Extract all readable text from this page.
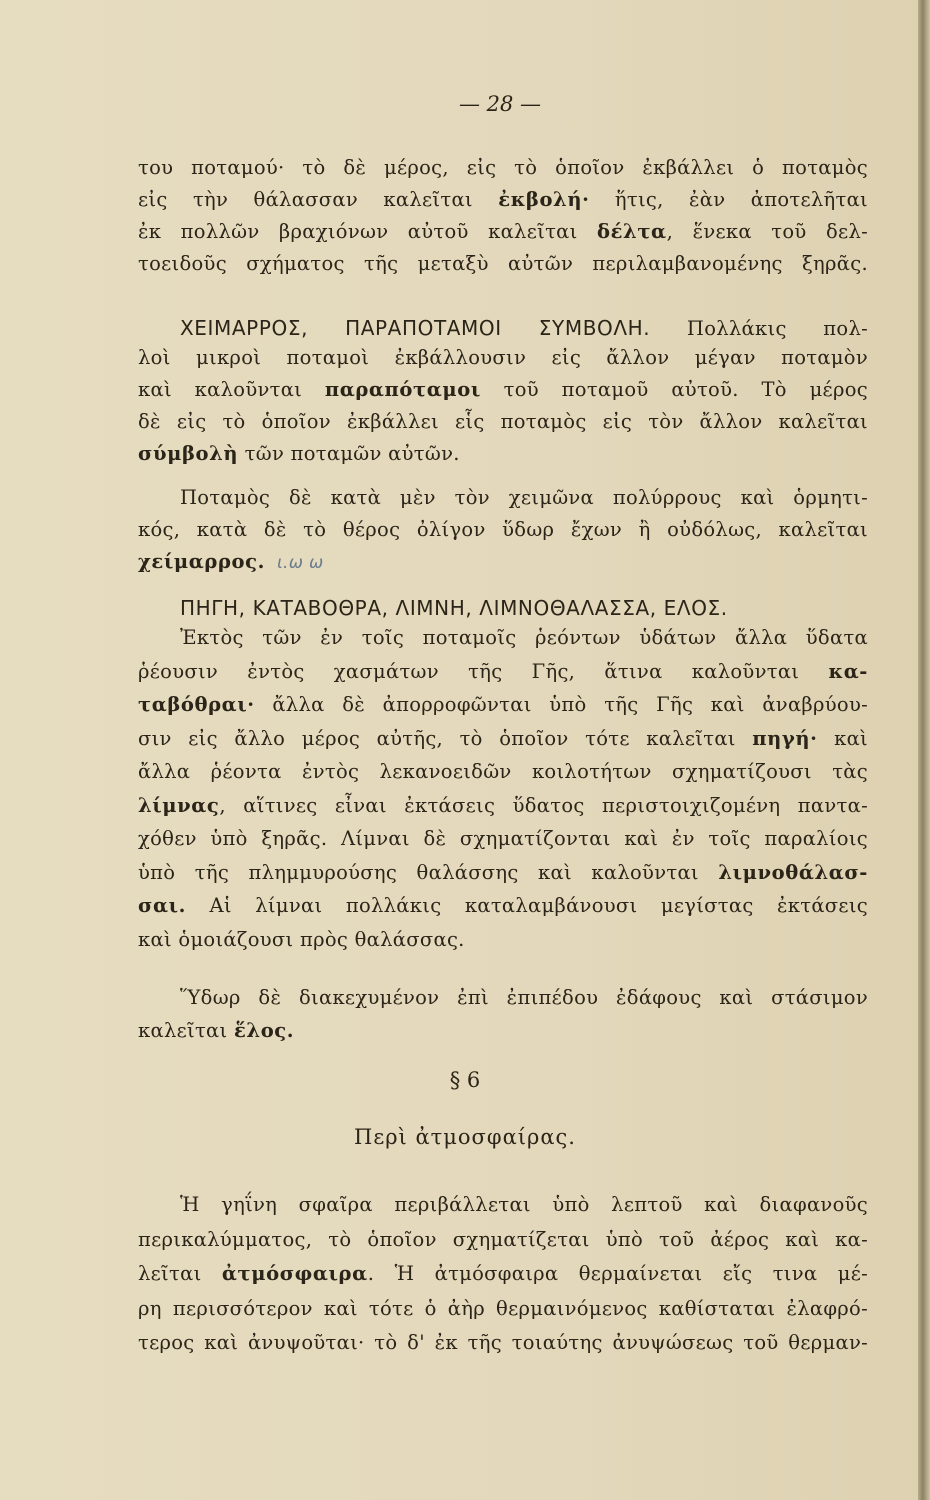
— 28 —
του ποταμού· τὸ δὲ μέρος, εἰς τὸ ὁποῖον ἐκβάλλει ὁ ποταμὸς
εἰς τὴν θάλασσαν καλεῖται ἐκβολή· ἥτις, ἐὰν ἀποτελῆται
ἐκ πολλῶν βραχιόνων αὐτοῦ καλεῖται δέλτα, ἕνεκα τοῦ δελ-
τοειδοῦς σχήματος τῆς μεταξὺ αὐτῶν περιλαμβανομένης ξηρᾶς.
ΧΕΙΜΑΡΡΟΣ, ΠΑΡΑΠΟΤΑΜΟΙ ΣΥΜΒΟΛΗ. Πολλάκις πολ-
λοὶ μικροὶ ποταμοὶ ἐκβάλλουσιν εἰς ἄλλον μέγαν ποταμὸν
καὶ καλοῦνται παραπόταμοι τοῦ ποταμοῦ αὐτοῦ. Τὸ μέρος
δὲ εἰς τὸ ὁποῖον ἐκβάλλει εἷς ποταμὸς εἰς τὸν ἄλλον καλεῖται
σύμβολὴ τῶν ποταμῶν αὐτῶν.
Ποταμὸς δὲ κατὰ μὲν τὸν χειμῶνα πολύρρους καὶ ὁρμητι-
κός, κατὰ δὲ τὸ θέρος ὀλίγον ὕδωρ ἔχων ἢ οὐδόλως, καλεῖται
χείμαρρος. ι.ω ω
ΠΗΓΗ, ΚΑΤΑΒΟΘΡΑ, ΛΙΜΝΗ, ΛΙΜΝΟΘΑΛΑΣΣΑ, ΕΛΟΣ.
Ἐκτὸς τῶν ἐν τοῖς ποταμοῖς ῥεόντων ὑδάτων ἄλλα ὕδατα
ῥέουσιν ἐντὸς χασμάτων τῆς Γῆς, ἅτινα καλοῦνται κα-
ταβόθραι· ἄλλα δὲ ἀπορροφῶνται ὑπὸ τῆς Γῆς καὶ ἀναβρύου-
σιν εἰς ἄλλο μέρος αὐτῆς, τὸ ὁποῖον τότε καλεῖται πηγή· καὶ
ἄλλα ῥέοντα ἐντὸς λεκανοειδῶν κοιλοτήτων σχηματίζουσι τὰς
λίμνας, αἵτινες εἶναι ἐκτάσεις ὕδατος περιστοιχιζομένη παντα-
χόθεν ὑπὸ ξηρᾶς. Λίμναι δὲ σχηματίζονται καὶ ἐν τοῖς παραλίοις
ὑπὸ τῆς πλημμυρούσης θαλάσσης καὶ καλοῦνται λιμνοθάλασ-
σαι. Αἱ λίμναι πολλάκις καταλαμβάνουσι μεγίστας ἐκτάσεις
καὶ ὁμοιάζουσι πρὸς θαλάσσας.
Ὕδωρ δὲ διακεχυμένον ἐπὶ ἐπιπέδου ἐδάφους καὶ στάσιμον
καλεῖται ἕλος.
§ 6
Περὶ ἀτμοσφαίρας.
Ἡ γηΐνη σφαῖρα περιβάλλεται ὑπὸ λεπτοῦ καὶ διαφανοῦς
περικαλύμματος, τὸ ὁποῖον σχηματίζεται ὑπὸ τοῦ ἀέρος καὶ κα-
λεῖται ἀτμόσφαιρα. Ἡ ἀτμόσφαιρα θερμαίνεται εἴς τινα μέ-
ρη περισσότερον καὶ τότε ὁ ἀὴρ θερμαινόμενος καθίσταται ἐλαφρό-
τερος καὶ ἀνυψοῦται· τὸ δ' ἐκ τῆς τοιαύτης ἀνυψώσεως τοῦ θερμαν-
